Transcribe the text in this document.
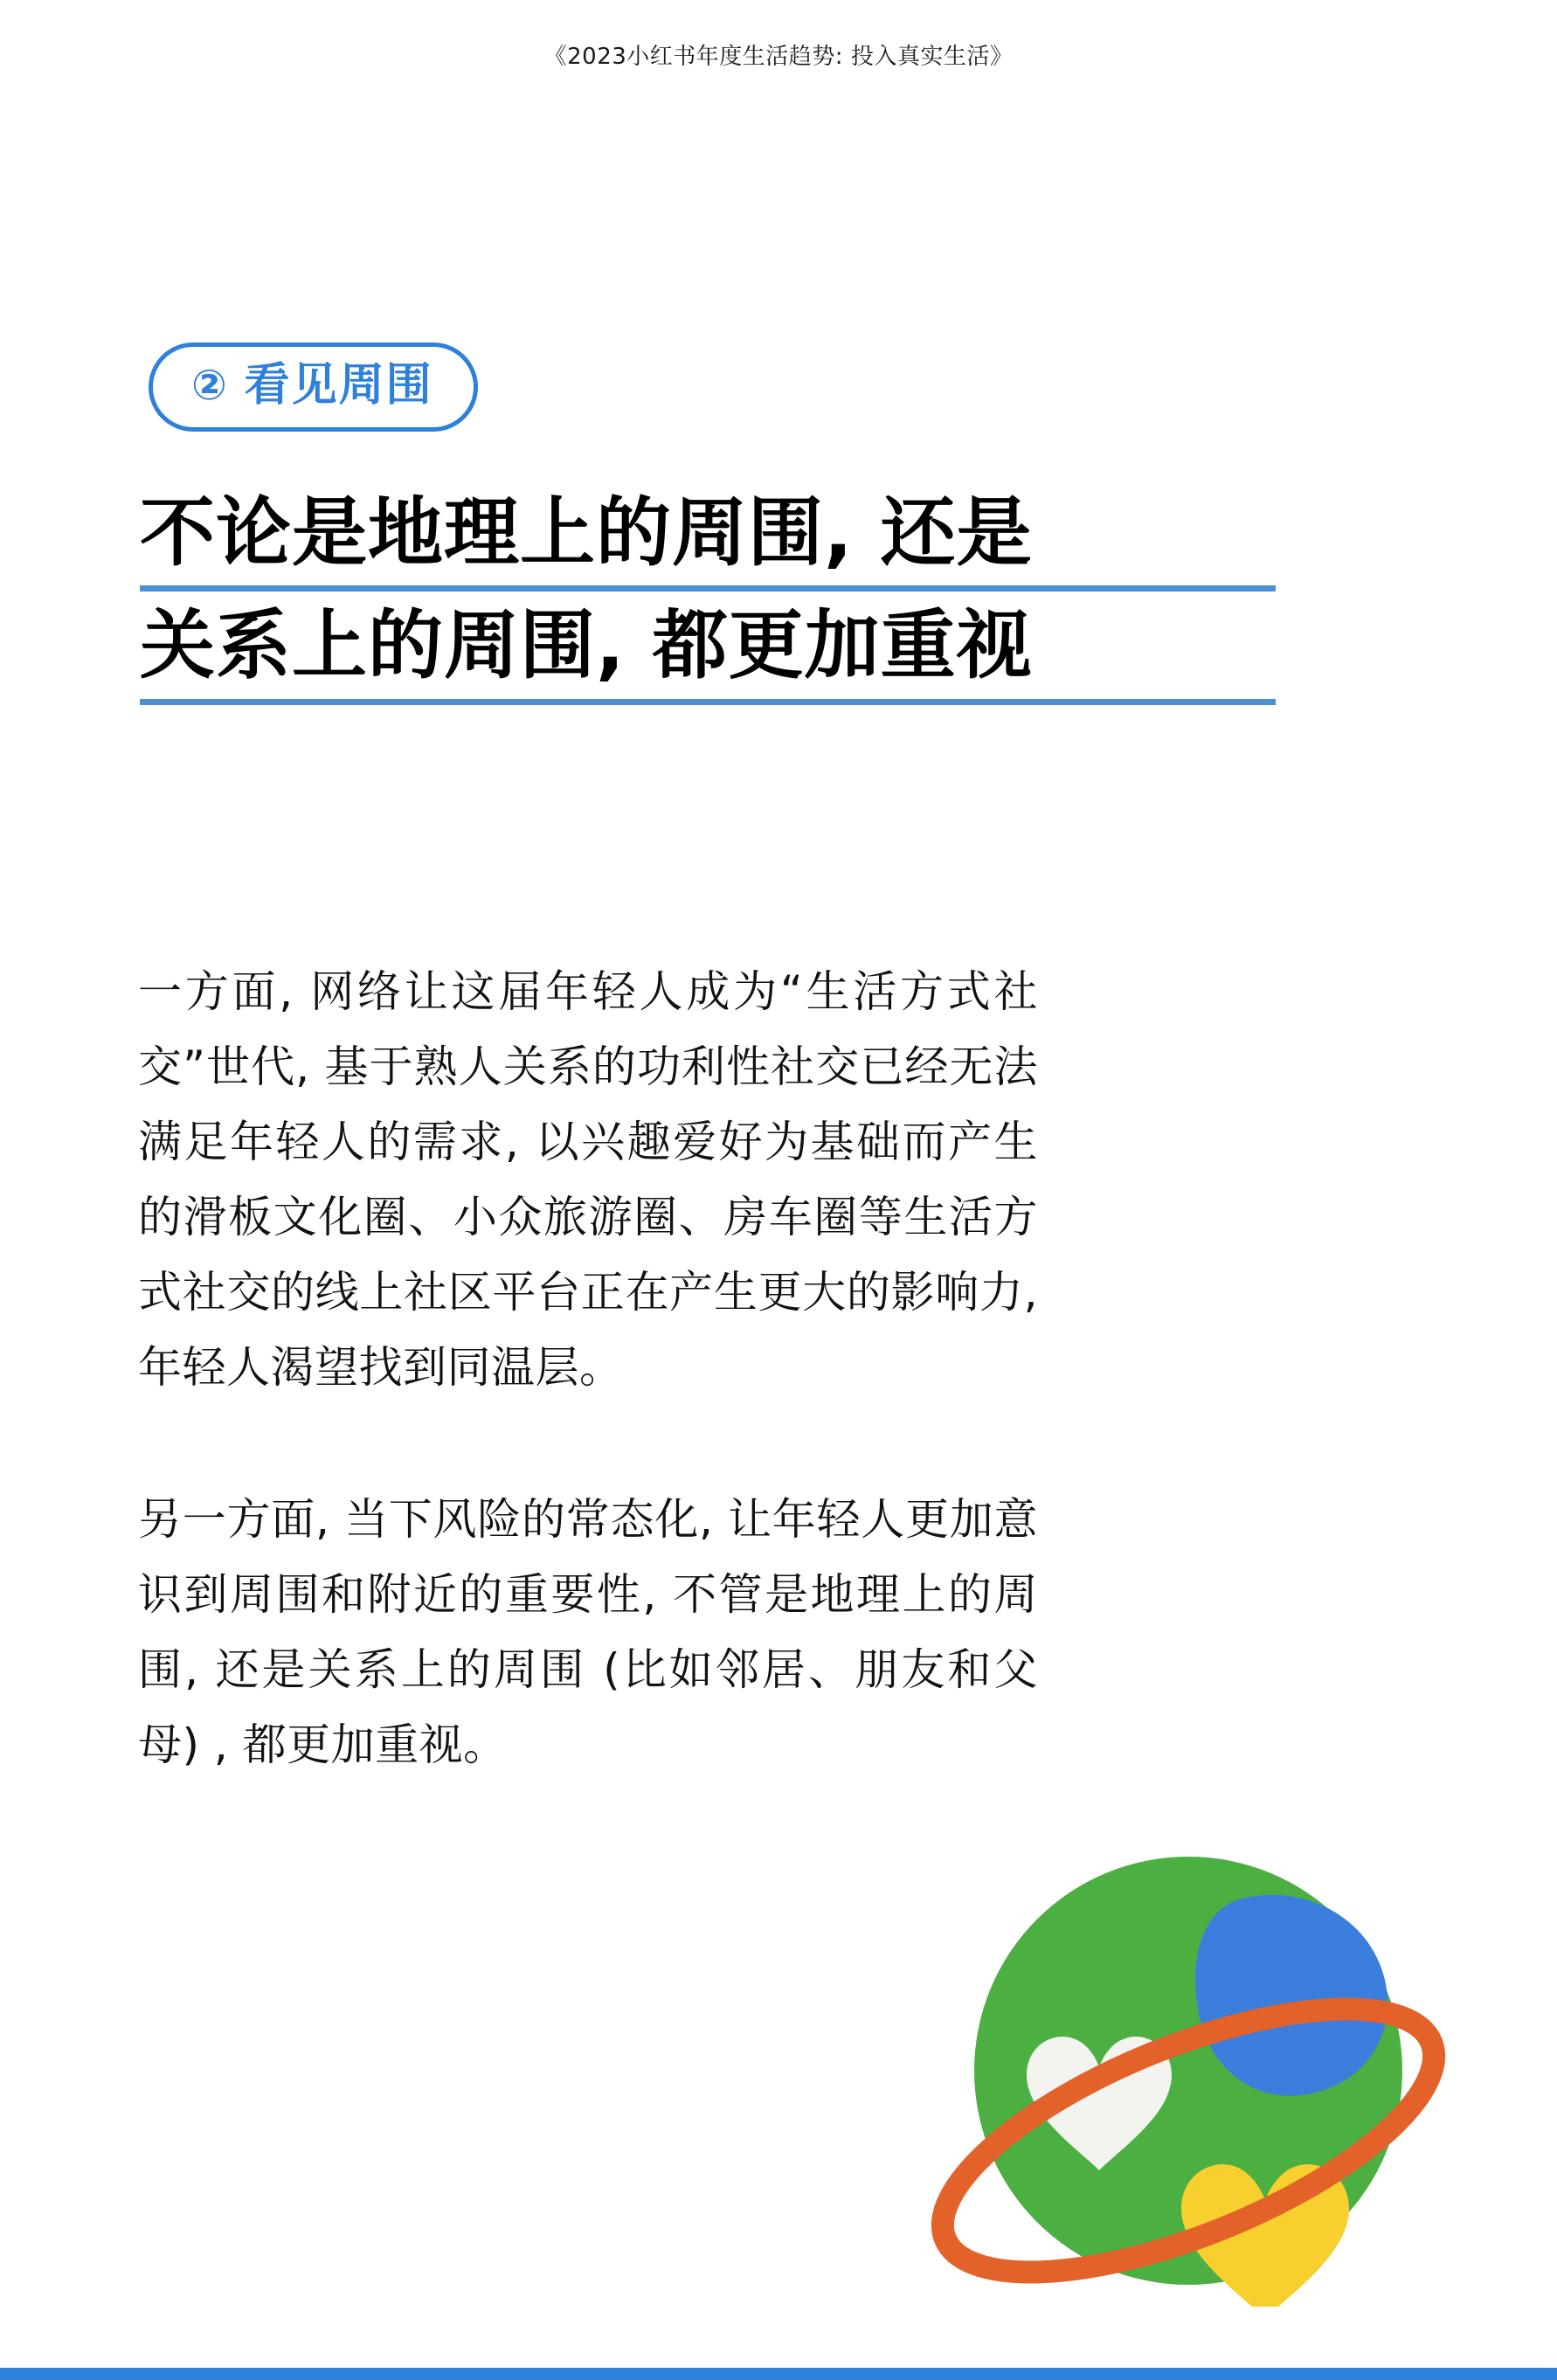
《2023小红书年度生活趋势: 投入真实生活》
② 看见周围
不论是地理上的周围, 还是
关系上的周围, 都更加重视

一方面, 网络让这届年轻人成为“生活方式社交”世代, 基于熟人关系的功利性社交已经无法满足年轻人的需求, 以兴趣爱好为基础而产生的滑板文化圈、小众旅游圈、房车圈等生活方式社交的线上社区平台正在产生更大的影响力, 年轻人渴望找到同温层。

另一方面, 当下风险的常态化, 让年轻人更加意识到周围和附近的重要性, 不管是地理上的周围, 还是关系上的周围 (比如邻居、朋友和父母) , 都更加重视。
